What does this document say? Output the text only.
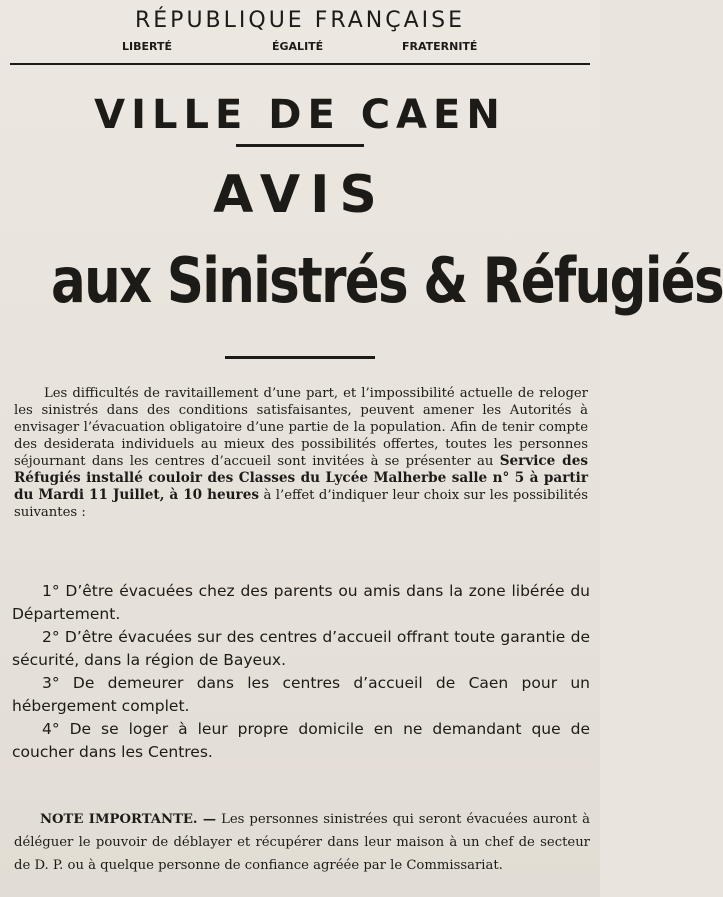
RÉPUBLIQUE FRANÇAISE
LIBERTÉ	ÉGALITÉ	FRATERNITÉ
VILLE DE CAEN
AVIS
aux Sinistrés & Réfugiés

Les difficultés de ravitaillement d’une part, et l’impossibilité actuelle de reloger les sinistrés dans des conditions satisfaisantes, peuvent amener les Autorités à envisager l’évacuation obligatoire d’une partie de la population. Afin de tenir compte des desiderata individuels au mieux des possibilités offertes, toutes les personnes séjournant dans les centres d’accueil sont invitées à se présenter au Service des Réfugiés installé couloir des Classes du Lycée Malherbe salle n° 5 à partir du Mardi 11 Juillet, à 10 heures à l’effet d’indiquer leur choix sur les possibilités suivantes :

1° D’être évacuées chez des parents ou amis dans la zone libérée du Département.

2° D’être évacuées sur des centres d’accueil offrant toute garantie de sécurité, dans la région de Bayeux.

3° De demeurer dans les centres d’accueil de Caen pour un hébergement complet.

4° De se loger à leur propre domicile en ne demandant que de coucher dans les Centres.

NOTE IMPORTANTE. — Les personnes sinistrées qui seront évacuées auront à déléguer le pouvoir de déblayer et récupérer dans leur maison à un chef de secteur de D. P. ou à quelque personne de confiance agréée par le Commissariat.
